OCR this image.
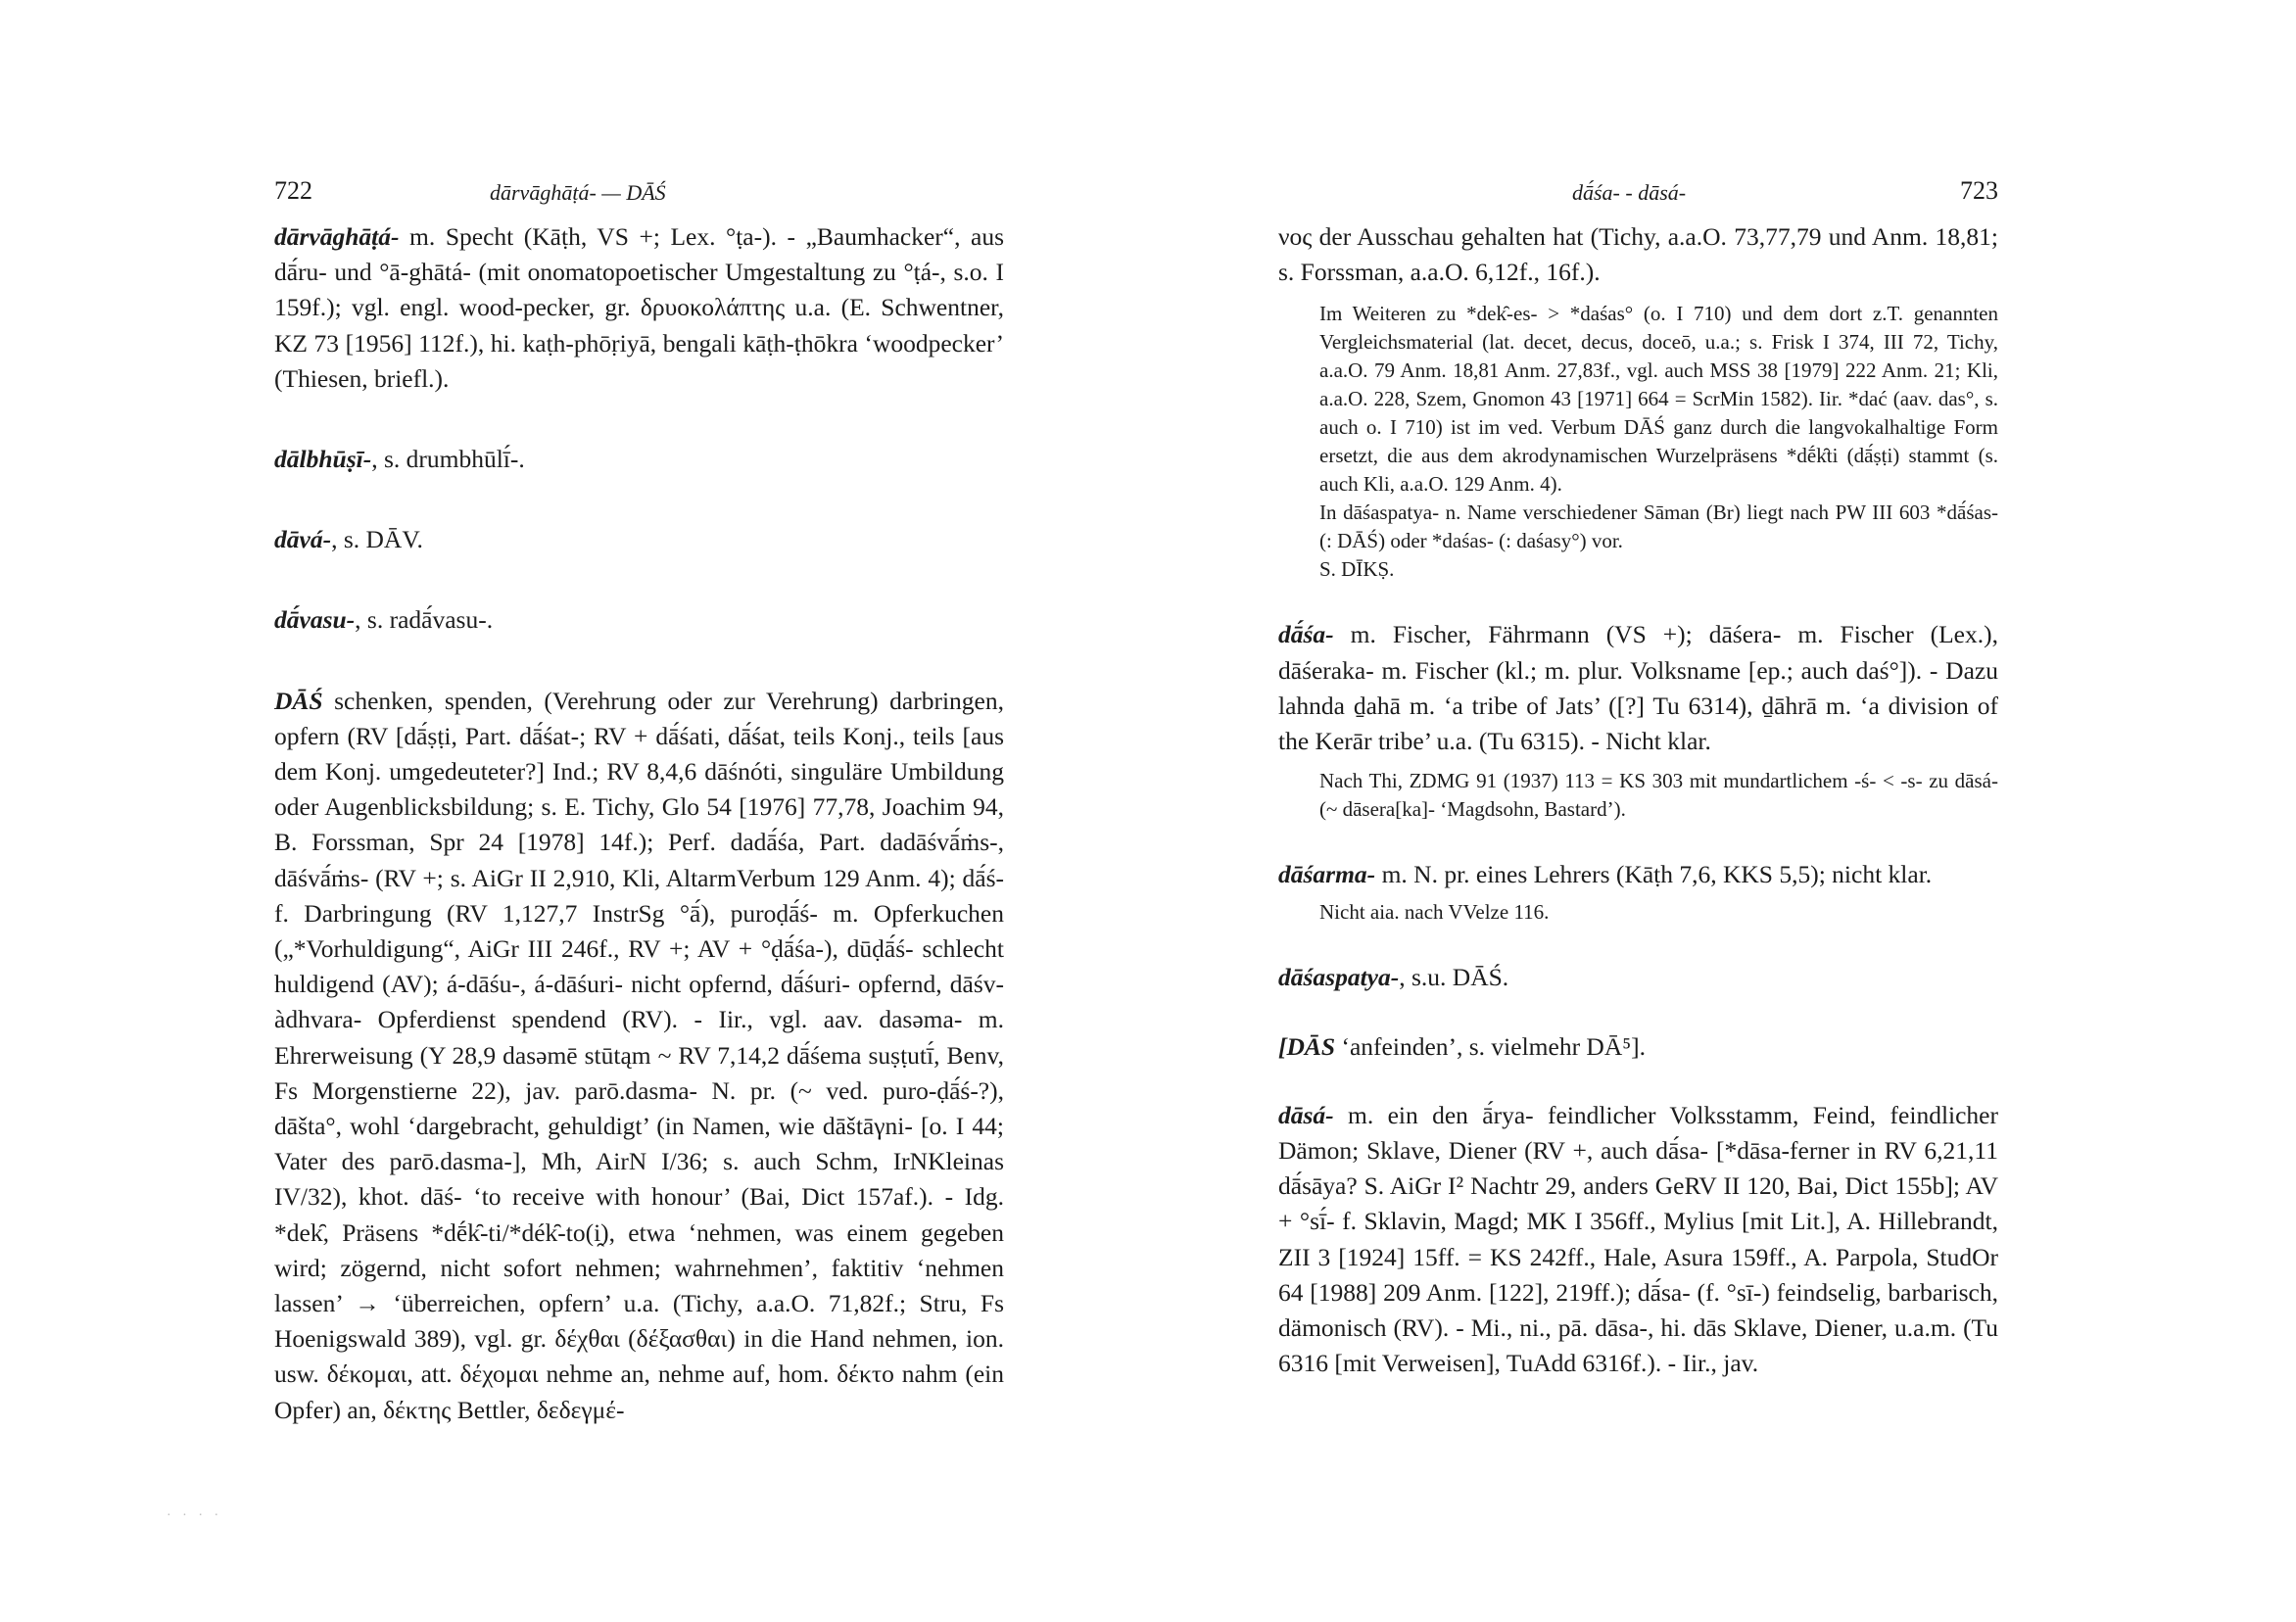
· · · ·
722	dārvāghāṭá- — DĀŚ

dārvāghāṭá- m. Specht (Kāṭh, VS +; Lex. °ṭa-). - „Baumhacker“, aus dā́ru- und °ā-ghātá- (mit onomatopoetischer Umgestaltung zu °ṭá-, s.o. I 159f.); vgl. engl. wood-pecker, gr. δρυοκολάπτης u.a. (E. Schwentner, KZ 73 [1956] 112f.), hi. kaṭh-phōṛiyā, bengali kāṭh-ṭhōkra ‘woodpecker’ (Thiesen, briefl.).

dālbhūṣī-, s. drumbhūlī́-.

dāvá-, s. DĀV.

dā́vasu-, s. radā́vasu-.

DĀŚ schenken, spenden, (Verehrung oder zur Verehrung) darbringen, opfern (RV [dā́ṣṭi, Part. dā́śat-; RV + dā́śati, dā́śat, teils Konj., teils [aus dem Konj. umgedeuteter?] Ind.; RV 8,4,6 dāśnóti, singuläre Umbildung oder Augenblicksbildung; s. E. Tichy, Glo 54 [1976] 77,78, Joachim 94, B. Forssman, Spr 24 [1978] 14f.); Perf. dadā́śa, Part. dadāśvā́ṁs-, dāśvā́ṁs- (RV +; s. AiGr II 2,910, Kli, AltarmVerbum 129 Anm. 4); dā́ś- f. Darbringung (RV 1,127,7 InstrSg °ā́), puroḍā́ś- m. Opferkuchen („*Vorhuldigung“, AiGr III 246f., RV +; AV + °ḍā́śa-), dūḍā́ś- schlecht huldigend (AV); á-dāśu-, á-dāśuri- nicht opfernd, dā́śuri- opfernd, dāśv-àdhvara- Opferdienst spendend (RV). - Iir., vgl. aav. dasəma- m. Ehrerweisung (Y 28,9 dasəmē stūtąm ~ RV 7,14,2 dā́śema suṣṭutī́, Benv, Fs Morgenstierne 22), jav. parō.dasma- N. pr. (~ ved. puro-ḍā́ś-?), dāšta°, wohl ‘dargebracht, gehuldigt’ (in Namen, wie dāštāγni- [o. I 44; Vater des parō.dasma-], Mh, AirN I/36; s. auch Schm, IrNKleinas IV/32), khot. dāś- ‘to receive with honour’ (Bai, Dict 157af.). - Idg. *dek̑, Präsens *dḗk̑-ti/*dék̑-to(i̯), etwa ‘nehmen, was einem gegeben wird; zögernd, nicht sofort nehmen; wahrnehmen’, faktitiv ‘nehmen lassen’ → ‘überreichen, opfern’ u.a. (Tichy, a.a.O. 71,82f.; Stru, Fs Hoenigswald 389), vgl. gr. δέχθαι (δέξασθαι) in die Hand nehmen, ion. usw. δέκομαι, att. δέχομαι nehme an, nehme auf, hom. δέκτο nahm (ein Opfer) an, δέκτης Bettler, δεδεγμέ-

dā́śa- - dāsá-	723

νος der Ausschau gehalten hat (Tichy, a.a.O. 73,77,79 und Anm. 18,81; s. Forssman, a.a.O. 6,12f., 16f.).

Im Weiteren zu *dek̑-es- > *daśas° (o. I 710) und dem dort z.T. genannten Vergleichsmaterial (lat. decet, decus, doceō, u.a.; s. Frisk I 374, III 72, Tichy, a.a.O. 79 Anm. 18,81 Anm. 27,83f., vgl. auch MSS 38 [1979] 222 Anm. 21; Kli, a.a.O. 228, Szem, Gnomon 43 [1971] 664 = ScrMin 1582). Iir. *dać (aav. das°, s. auch o. I 710) ist im ved. Verbum DĀŚ ganz durch die langvokalhaltige Form ersetzt, die aus dem akrodynamischen Wurzelpräsens *dḗk̑ti (dā́ṣṭi) stammt (s. auch Kli, a.a.O. 129 Anm. 4).

In dāśaspatya- n. Name verschiedener Sāman (Br) liegt nach PW III 603 *dā́śas- (: DĀŚ) oder *daśas- (: daśasy°) vor.

S. DĪKṢ.

dā́śa- m. Fischer, Fährmann (VS +); dāśera- m. Fischer (Lex.), dāśeraka- m. Fischer (kl.; m. plur. Volksname [ep.; auch daś°]). - Dazu lahnda ḏahā m. ‘a tribe of Jats’ ([?] Tu 6314), ḏāhrā m. ‘a division of the Kerār tribe’ u.a. (Tu 6315). - Nicht klar.

Nach Thi, ZDMG 91 (1937) 113 = KS 303 mit mundartlichem -ś- < -s- zu dāsá- (~ dāsera[ka]- ‘Magdsohn, Bastard’).

dāśarma- m. N. pr. eines Lehrers (Kāṭh 7,6, KKS 5,5); nicht klar.

Nicht aia. nach VVelze 116.

dāśaspatya-, s.u. DĀŚ.

[DĀS ‘anfeinden’, s. vielmehr DĀ⁵].

dāsá- m. ein den ā́rya- feindlicher Volksstamm, Feind, feindlicher Dämon; Sklave, Diener (RV +, auch dā́sa- [*dāsa-ferner in RV 6,21,11 dā́sāya? S. AiGr I² Nachtr 29, anders GeRV II 120, Bai, Dict 155b]; AV + °sī́- f. Sklavin, Magd; MK I 356ff., Mylius [mit Lit.], A. Hillebrandt, ZII 3 [1924] 15ff. = KS 242ff., Hale, Asura 159ff., A. Parpola, StudOr 64 [1988] 209 Anm. [122], 219ff.); dā́sa- (f. °sī-) feindselig, barbarisch, dämonisch (RV). - Mi., ni., pā. dāsa-, hi. dās Sklave, Diener, u.a.m. (Tu 6316 [mit Verweisen], TuAdd 6316f.). - Iir., jav.
